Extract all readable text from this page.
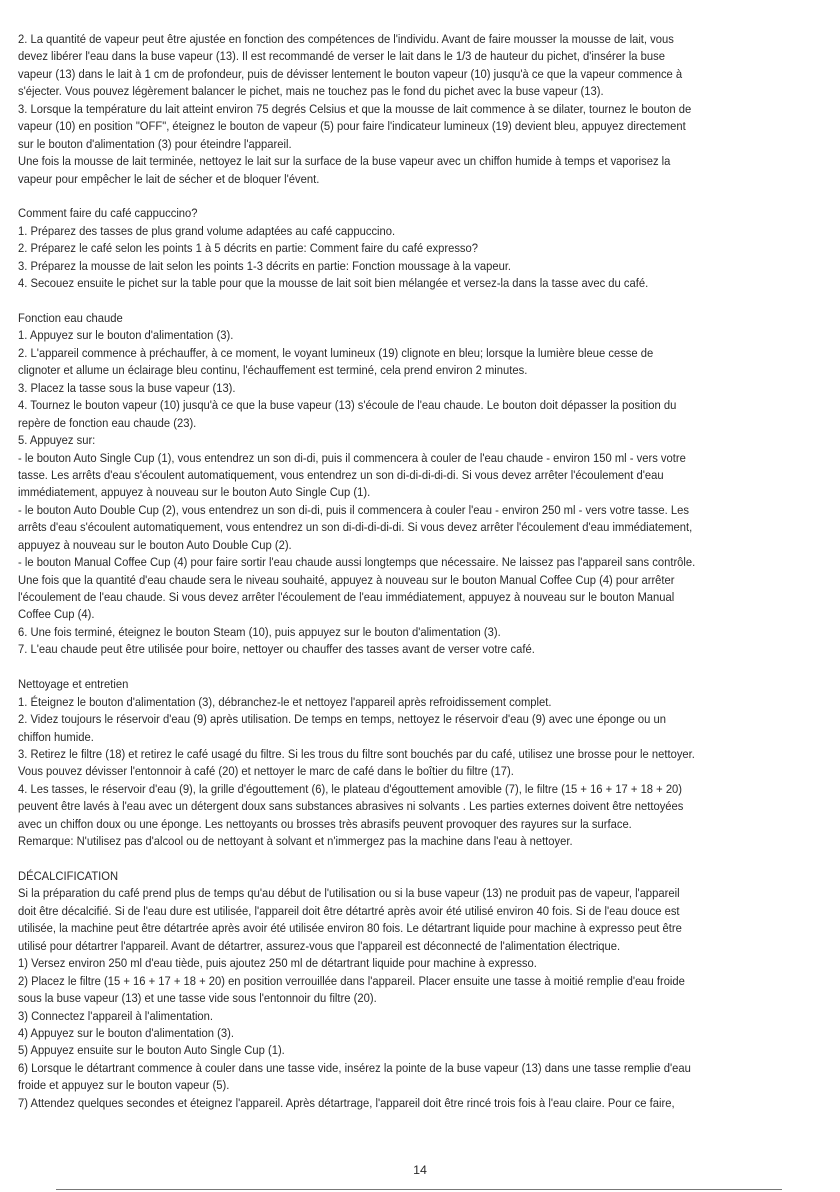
2. La quantité de vapeur peut être ajustée en fonction des compétences de l'individu. Avant de faire mousser la mousse de lait, vous
devez libérer l'eau dans la buse vapeur (13). Il est recommandé de verser le lait dans le 1/3 de hauteur du pichet, d'insérer la buse
vapeur (13) dans le lait à 1 cm de profondeur, puis de dévisser lentement le bouton vapeur (10) jusqu'à ce que la vapeur commence à
s'éjecter. Vous pouvez légèrement balancer le pichet, mais ne touchez pas le fond du pichet avec la buse vapeur (13).
3. Lorsque la température du lait atteint environ 75 degrés Celsius et que la mousse de lait commence à se dilater, tournez le bouton de
vapeur (10) en position "OFF", éteignez le bouton de vapeur (5) pour faire l'indicateur lumineux (19) devient bleu, appuyez directement
sur le bouton d'alimentation (3) pour éteindre l'appareil.
Une fois la mousse de lait terminée, nettoyez le lait sur la surface de la buse vapeur avec un chiffon humide à temps et vaporisez la
vapeur pour empêcher le lait de sécher et de bloquer l'évent.
Comment faire du café cappuccino?
1. Préparez des tasses de plus grand volume adaptées au café cappuccino.
2. Préparez le café selon les points 1 à 5 décrits en partie: Comment faire du café expresso?
3. Préparez la mousse de lait selon les points 1-3 décrits en partie: Fonction moussage à la vapeur.
4. Secouez ensuite le pichet sur la table pour que la mousse de lait soit bien mélangée et versez-la dans la tasse avec du café.
Fonction eau chaude
1. Appuyez sur le bouton d'alimentation (3).
2. L'appareil commence à préchauffer, à ce moment, le voyant lumineux (19) clignote en bleu; lorsque la lumière bleue cesse de
clignoter et allume un éclairage bleu continu, l'échauffement est terminé, cela prend environ 2 minutes.
3. Placez la tasse sous la buse vapeur (13).
4. Tournez le bouton vapeur (10) jusqu'à ce que la buse vapeur (13) s'écoule de l'eau chaude. Le bouton doit dépasser la position du
repère de fonction eau chaude (23).
5. Appuyez sur:
- le bouton Auto Single Cup (1), vous entendrez un son di-di, puis il commencera à couler de l'eau chaude - environ 150 ml - vers votre
tasse. Les arrêts d'eau s'écoulent automatiquement, vous entendrez un son di-di-di-di-di. Si vous devez arrêter l'écoulement d'eau
immédiatement, appuyez à nouveau sur le bouton Auto Single Cup (1).
- le bouton Auto Double Cup (2), vous entendrez un son di-di, puis il commencera à couler l'eau - environ 250 ml - vers votre tasse. Les
arrêts d'eau s'écoulent automatiquement, vous entendrez un son di-di-di-di-di. Si vous devez arrêter l'écoulement d'eau immédiatement,
appuyez à nouveau sur le bouton Auto Double Cup (2).
- le bouton Manual Coffee Cup (4) pour faire sortir l'eau chaude aussi longtemps que nécessaire. Ne laissez pas l'appareil sans contrôle.
Une fois que la quantité d'eau chaude sera le niveau souhaité, appuyez à nouveau sur le bouton Manual Coffee Cup (4) pour arrêter
l'écoulement de l'eau chaude. Si vous devez arrêter l'écoulement de l'eau immédiatement, appuyez à nouveau sur le bouton Manual
Coffee Cup (4).
6. Une fois terminé, éteignez le bouton Steam (10), puis appuyez sur le bouton d'alimentation (3).
7. L'eau chaude peut être utilisée pour boire, nettoyer ou chauffer des tasses avant de verser votre café.
Nettoyage et entretien
1. Éteignez le bouton d'alimentation (3), débranchez-le et nettoyez l'appareil après refroidissement complet.
2. Videz toujours le réservoir d'eau (9) après utilisation. De temps en temps, nettoyez le réservoir d'eau (9) avec une éponge ou un
chiffon humide.
3. Retirez le filtre (18) et retirez le café usagé du filtre. Si les trous du filtre sont bouchés par du café, utilisez une brosse pour le nettoyer.
Vous pouvez dévisser l'entonnoir à café (20) et nettoyer le marc de café dans le boîtier du filtre (17).
4. Les tasses, le réservoir d'eau (9), la grille d'égouttement (6), le plateau d'égouttement amovible (7), le filtre (15 + 16 + 17 + 18 + 20)
peuvent être lavés à l'eau avec un détergent doux sans substances abrasives ni solvants . Les parties externes doivent être nettoyées
avec un chiffon doux ou une éponge. Les nettoyants ou brosses très abrasifs peuvent provoquer des rayures sur la surface.
Remarque: N'utilisez pas d'alcool ou de nettoyant à solvant et n'immergez pas la machine dans l'eau à nettoyer.
DÉCALCIFICATION
Si la préparation du café prend plus de temps qu'au début de l'utilisation ou si la buse vapeur (13) ne produit pas de vapeur, l'appareil
doit être décalcifié. Si de l'eau dure est utilisée, l'appareil doit être détartré après avoir été utilisé environ 40 fois. Si de l'eau douce est
utilisée, la machine peut être détartrée après avoir été utilisée environ 80 fois. Le détartrant liquide pour machine à expresso peut être
utilisé pour détartrer l'appareil. Avant de détartrer, assurez-vous que l'appareil est déconnecté de l'alimentation électrique.
1) Versez environ 250 ml d'eau tiède, puis ajoutez 250 ml de détartrant liquide pour machine à expresso.
2) Placez le filtre (15 + 16 + 17 + 18 + 20) en position verrouillée dans l'appareil. Placer ensuite une tasse à moitié remplie d'eau froide
sous la buse vapeur (13) et une tasse vide sous l'entonnoir du filtre (20).
3) Connectez l'appareil à l'alimentation.
4) Appuyez sur le bouton d'alimentation (3).
5) Appuyez ensuite sur le bouton Auto Single Cup (1).
6) Lorsque le détartrant commence à couler dans une tasse vide, insérez la pointe de la buse vapeur (13) dans une tasse remplie d'eau
froide et appuyez sur le bouton vapeur (5).
7) Attendez quelques secondes et éteignez l'appareil. Après détartrage, l'appareil doit être rincé trois fois à l'eau claire. Pour ce faire,
14
